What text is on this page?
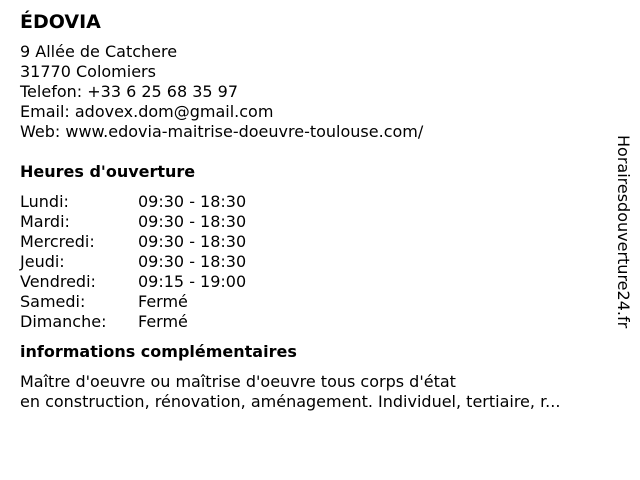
ÉDOVIA
9 Allée de Catchere
31770 Colomiers
Telefon: +33 6 25 68 35 97
Email: adovex.dom@gmail.com
Web: www.edovia-maitrise-doeuvre-toulouse.com/
Heures d'ouverture
Lundi:	09:30 - 18:30
Mardi:	09:30 - 18:30
Mercredi:	09:30 - 18:30
Jeudi:	09:30 - 18:30
Vendredi:	09:15 - 19:00
Samedi:	Fermé
Dimanche:	Fermé
informations complémentaires
Maître d'oeuvre ou maîtrise d'oeuvre tous corps d'état
en construction, rénovation, aménagement. Individuel, tertiaire, r...
Horairesdouverture24.fr
